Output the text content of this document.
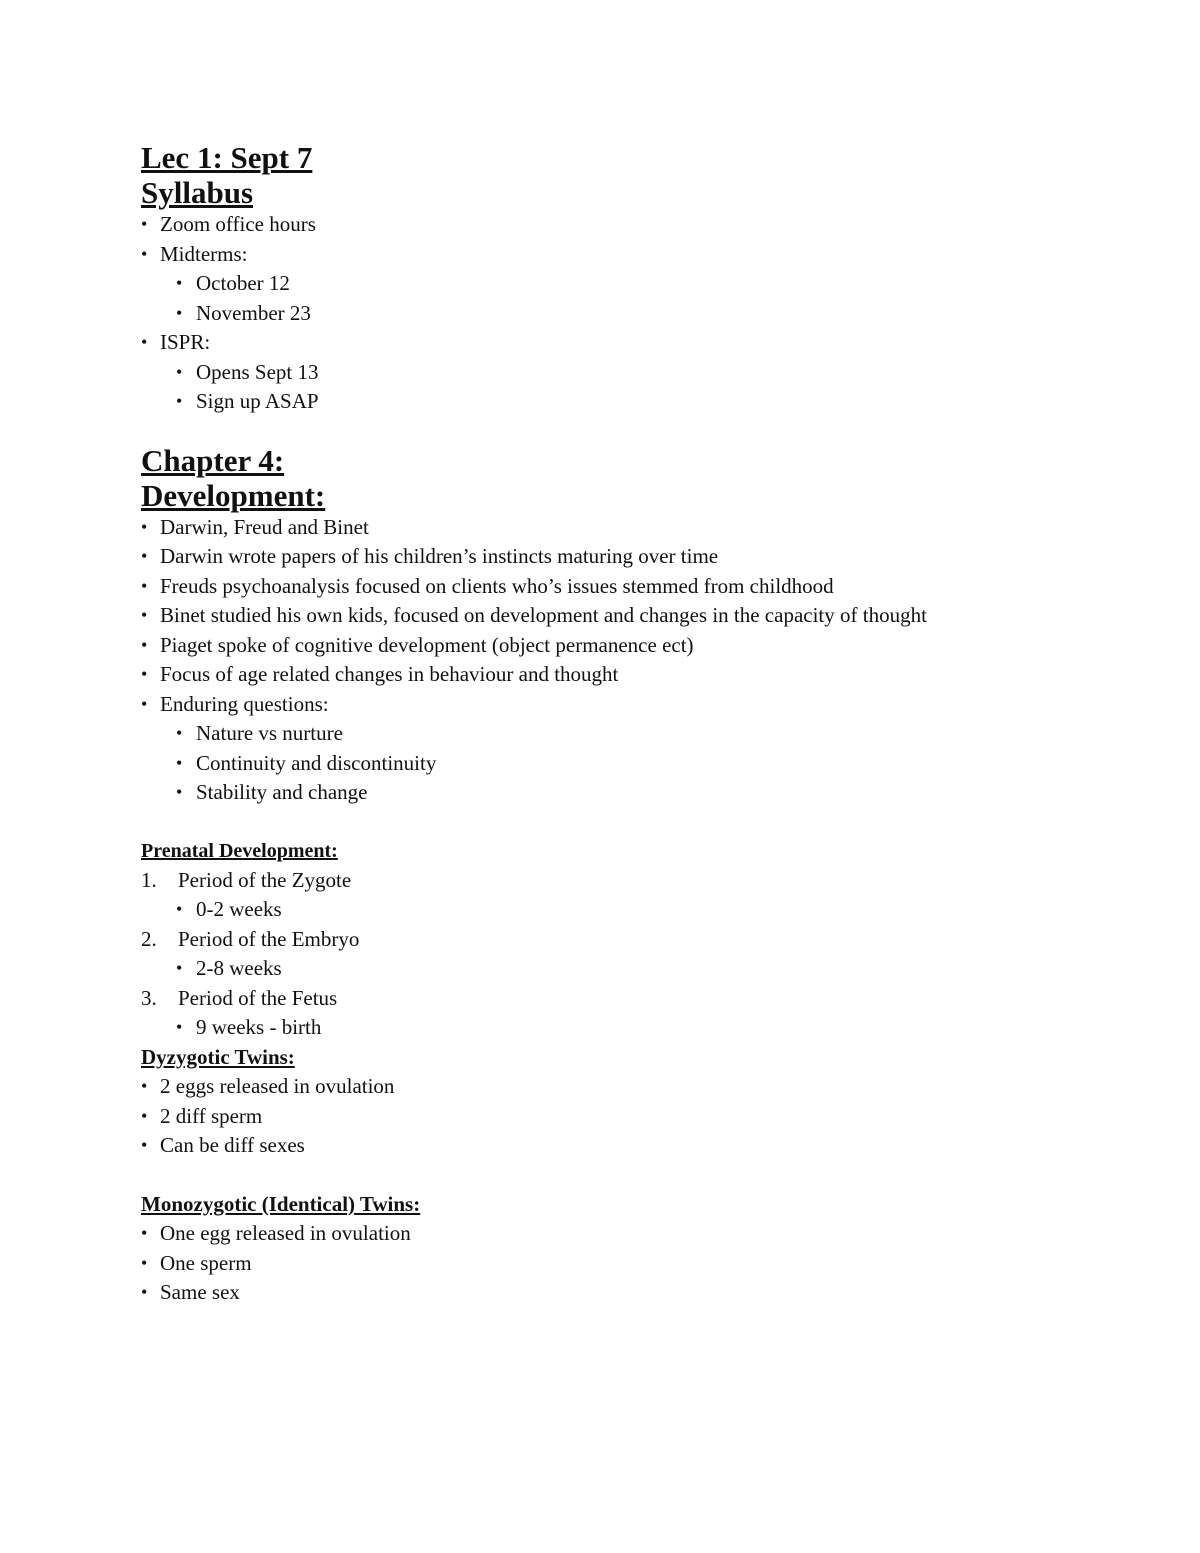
Lec 1: Sept 7
Syllabus
• Zoom office hours
• Midterms:
• October 12
• November 23
• ISPR:
• Opens Sept 13
• Sign up ASAP
Chapter 4:
Development:
• Darwin, Freud and Binet
• Darwin wrote papers of his children’s instincts maturing over time
• Freuds psychoanalysis focused on clients who’s issues stemmed from childhood
• Binet studied his own kids, focused on development and changes in the capacity of thought
• Piaget spoke of cognitive development (object permanence ect)
• Focus of age related changes in behaviour and thought
• Enduring questions:
• Nature vs nurture
• Continuity and discontinuity
• Stability and change
Prenatal Development:
1. Period of the Zygote
• 0-2 weeks
2. Period of the Embryo
• 2-8 weeks
3. Period of the Fetus
• 9 weeks - birth
Dyzygotic Twins:
• 2 eggs released in ovulation
• 2 diff sperm
• Can be diff sexes
Monozygotic (Identical) Twins:
• One egg released in ovulation
• One sperm
• Same sex
